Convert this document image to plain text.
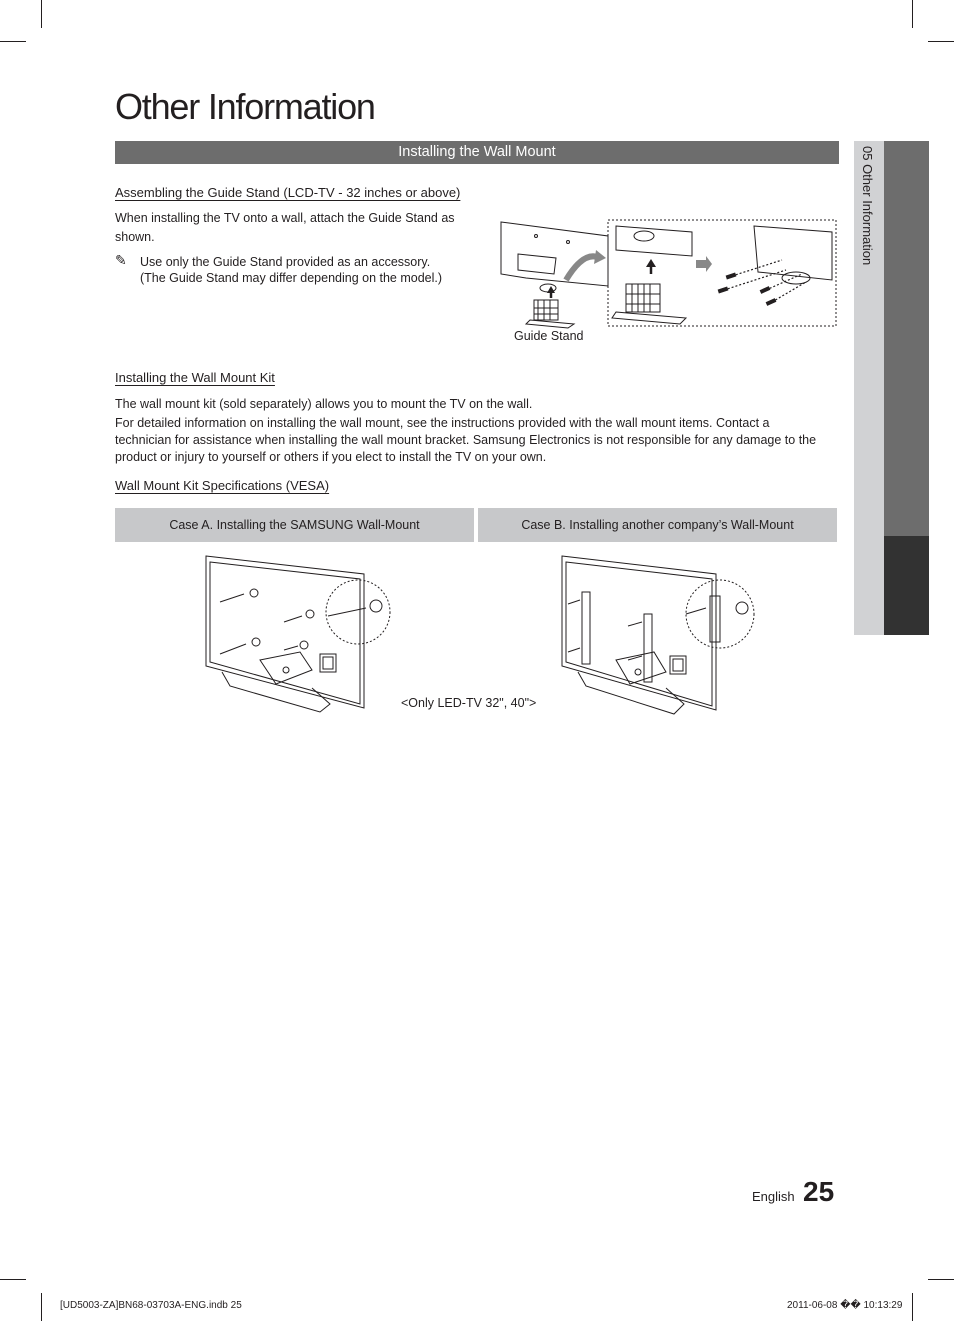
Other Information
Installing the Wall Mount	05 Other Information
Assembling the Guide Stand (LCD-TV - 32 inches or above)
When installing the TV onto a wall, attach the Guide Stand as
shown.
✎ Use only the Guide Stand provided as an accessory.
(The Guide Stand may differ depending on the model.)
Guide Stand
Installing the Wall Mount Kit
The wall mount kit (sold separately) allows you to mount the TV on the wall.
For detailed information on installing the wall mount, see the instructions provided with the wall mount items. Contact a
technician for assistance when installing the wall mount bracket. Samsung Electronics is not responsible for any damage to the
product or injury to yourself or others if you elect to install the TV on your own.
Wall Mount Kit Specifications (VESA)
Case A. Installing the SAMSUNG Wall-Mount	Case B. Installing another company’s Wall-Mount
<Only LED-TV 32", 40">
English 25
[UD5003-ZA]BN68-03703A-ENG.indb 25	2011-06-08 �� 10:13:29
